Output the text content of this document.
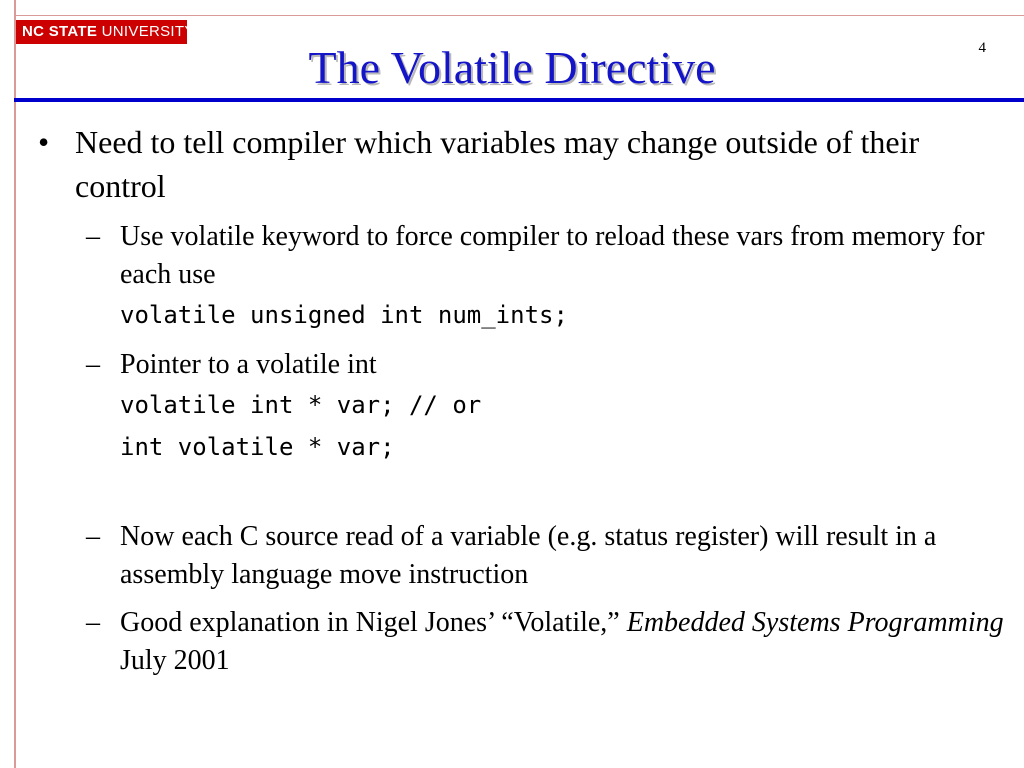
NC STATE UNIVERSITY
4
The Volatile Directive
• Need to tell compiler which variables may change outside of their control
– Use volatile keyword to force compiler to reload these vars from memory for each use
volatile unsigned int num_ints;
– Pointer to a volatile int
volatile int * var; // or
int volatile * var;
– Now each C source read of a variable (e.g. status register) will result in a assembly language move instruction
– Good explanation in Nigel Jones’ “Volatile,” Embedded Systems Programming July 2001
